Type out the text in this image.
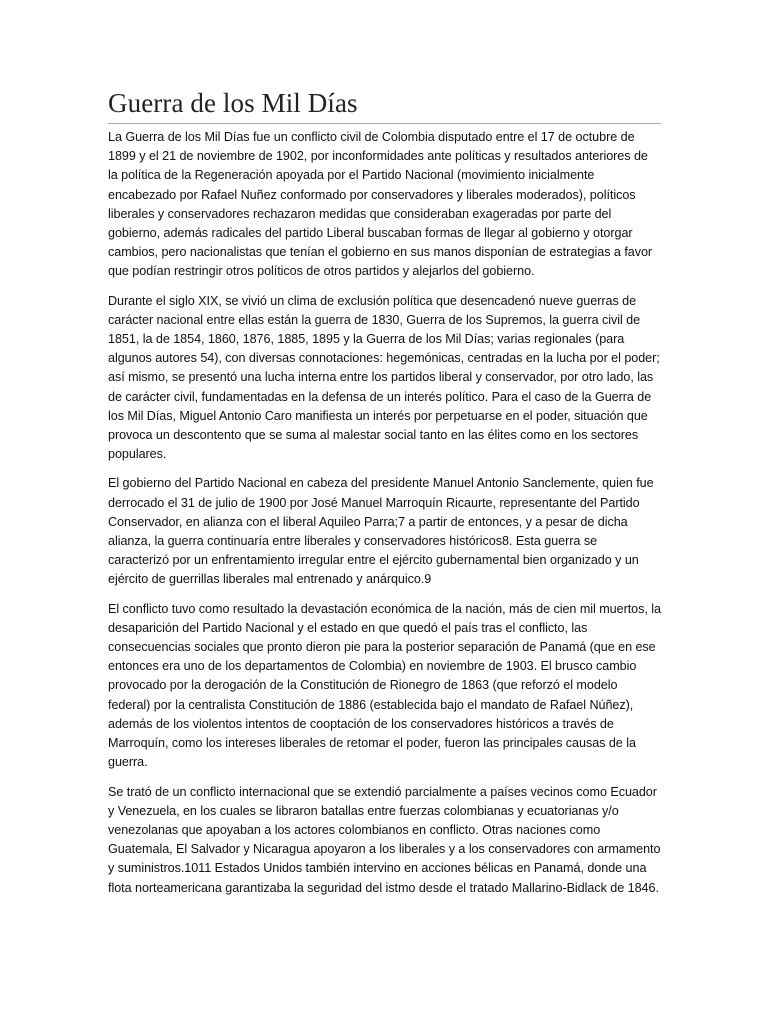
Guerra de los Mil Días

La Guerra de los Mil Días fue un conflicto civil de Colombia disputado entre el 17 de octubre de 1899 y el 21 de noviembre de 1902, por inconformidades ante políticas y resultados anteriores de la política de la Regeneración apoyada por el Partido Nacional (movimiento inicialmente encabezado por Rafael Nuñez conformado por conservadores y liberales moderados), políticos liberales y conservadores rechazaron medidas que consideraban exageradas por parte del gobierno, además radicales del partido Liberal buscaban formas de llegar al gobierno y otorgar cambios, pero nacionalistas que tenían el gobierno en sus manos disponían de estrategias a favor que podían restringir otros políticos de otros partidos y alejarlos del gobierno.

Durante el siglo XIX, se vivió un clima de exclusión política que desencadenó nueve guerras de carácter nacional entre ellas están la guerra de 1830, Guerra de los Supremos, la guerra civil de 1851, la de 1854, 1860, 1876, 1885, 1895 y la Guerra de los Mil Días; varias regionales (para algunos autores 54), con diversas connotaciones: hegemónicas, centradas en la lucha por el poder; así mismo, se presentó una lucha interna entre los partidos liberal y conservador, por otro lado, las de carácter civil, fundamentadas en la defensa de un interés político. Para el caso de la Guerra de los Mil Días, Miguel Antonio Caro manifiesta un interés por perpetuarse en el poder, situación que provoca un descontento que se suma al malestar social tanto en las élites como en los sectores populares.

El gobierno del Partido Nacional en cabeza del presidente Manuel Antonio Sanclemente, quien fue derrocado el 31 de julio de 1900 por José Manuel Marroquín Ricaurte, representante del Partido Conservador, en alianza con el liberal Aquileo Parra;7 a partir de entonces, y a pesar de dicha alianza, la guerra continuaría entre liberales y conservadores históricos8. Esta guerra se caracterizó por un enfrentamiento irregular entre el ejército gubernamental bien organizado y un ejército de guerrillas liberales mal entrenado y anárquico.9

El conflicto tuvo como resultado la devastación económica de la nación, más de cien mil muertos, la desaparición del Partido Nacional y el estado en que quedó el país tras el conflicto, las consecuencias sociales que pronto dieron pie para la posterior separación de Panamá (que en ese entonces era uno de los departamentos de Colombia) en noviembre de 1903. El brusco cambio provocado por la derogación de la Constitución de Rionegro de 1863 (que reforzó el modelo federal) por la centralista Constitución de 1886 (establecida bajo el mandato de Rafael Núñez), además de los violentos intentos de cooptación de los conservadores históricos a través de Marroquín, como los intereses liberales de retomar el poder, fueron las principales causas de la guerra.

Se trató de un conflicto internacional que se extendió parcialmente a países vecinos como Ecuador y Venezuela, en los cuales se libraron batallas entre fuerzas colombianas y ecuatorianas y/o venezolanas que apoyaban a los actores colombianos en conflicto. Otras naciones como Guatemala, El Salvador y Nicaragua apoyaron a los liberales y a los conservadores con armamento y suministros.1011 Estados Unidos también intervino en acciones bélicas en Panamá, donde una flota norteamericana garantizaba la seguridad del istmo desde el tratado Mallarino-Bidlack de 1846.
